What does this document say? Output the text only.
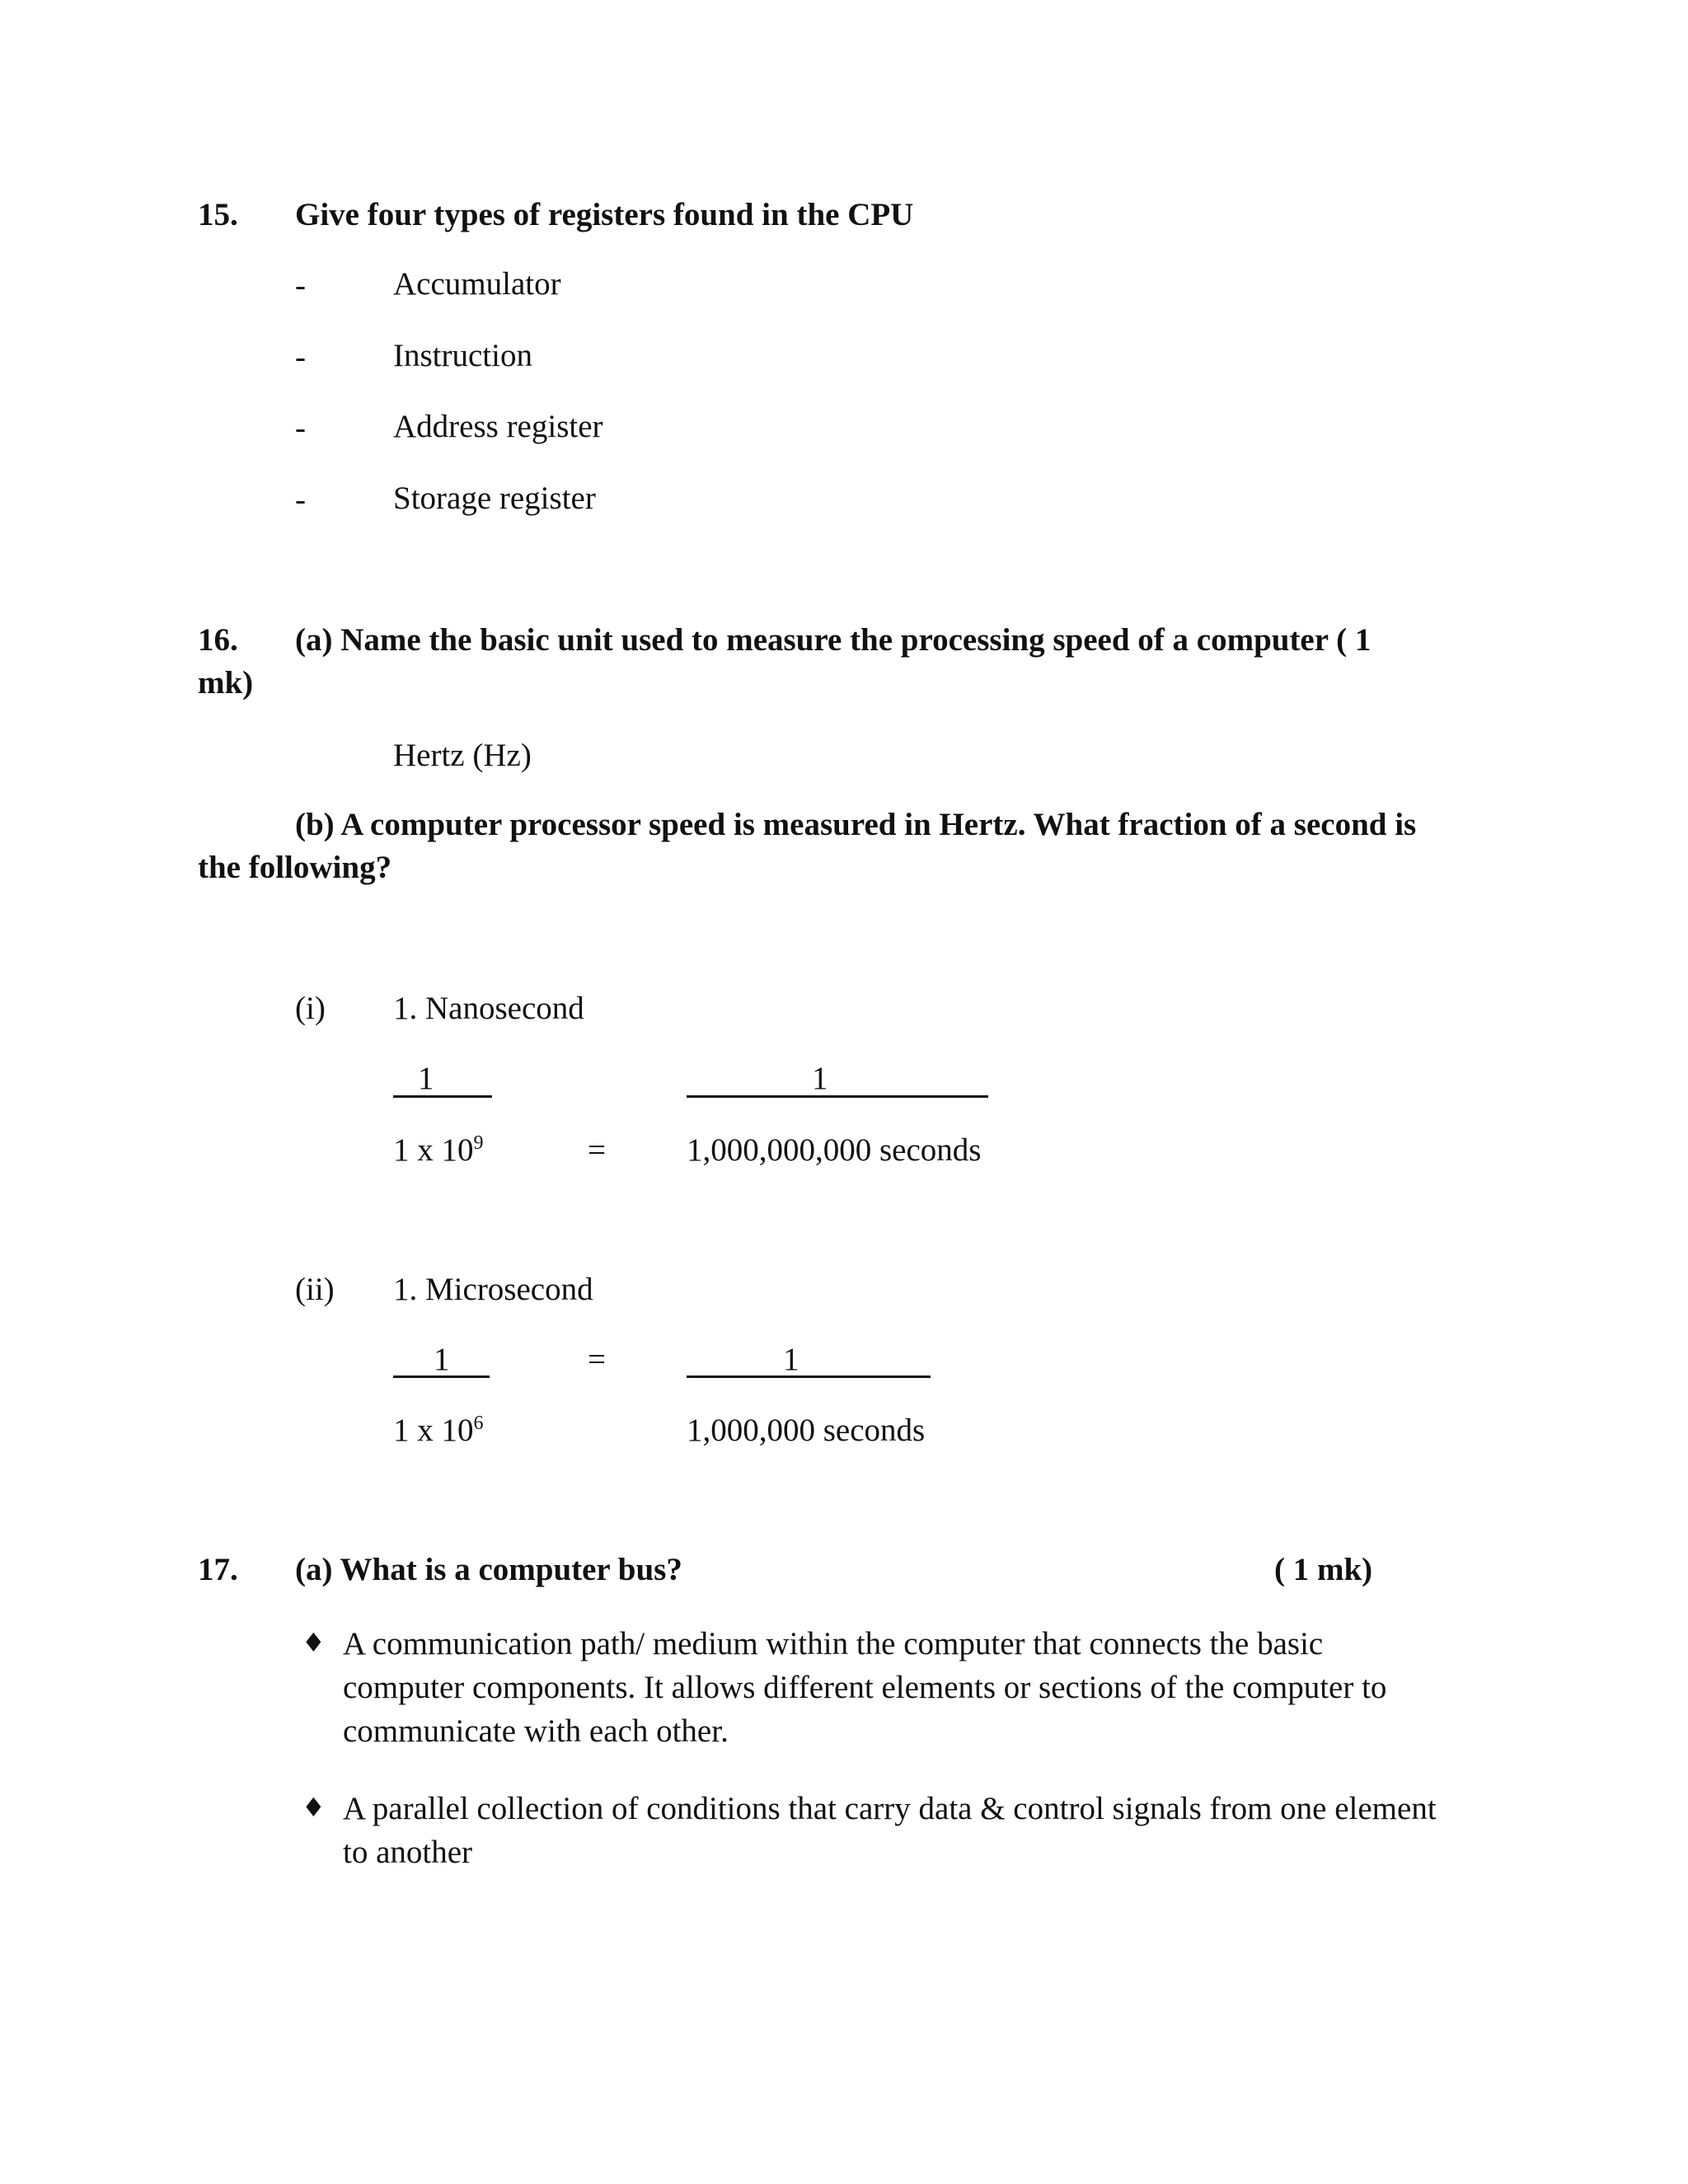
15. Give four types of registers found in the CPU
-	Accumulator
-	Instruction
-	Address register
-	Storage register
16. (a) Name the basic unit used to measure the processing speed of a computer ( 1
mk)
Hertz (Hz)
(b) A computer processor speed is measured in Hertz. What fraction of a second is
the following?
(i) 1. Nanosecond
1
1 x $10^9$	=
1
1,000,000,000 seconds
(ii) 1. Microsecond
1	=
1 x $10^6$
1
1,000,000 seconds
17. (a) What is a computer bus?	( 1 mk)
♦ A communication path/ medium within the computer that connects the basic computer components. It allows different elements or sections of the computer to communicate with each other.
♦ A parallel collection of conditions that carry data & control signals from one element to another
